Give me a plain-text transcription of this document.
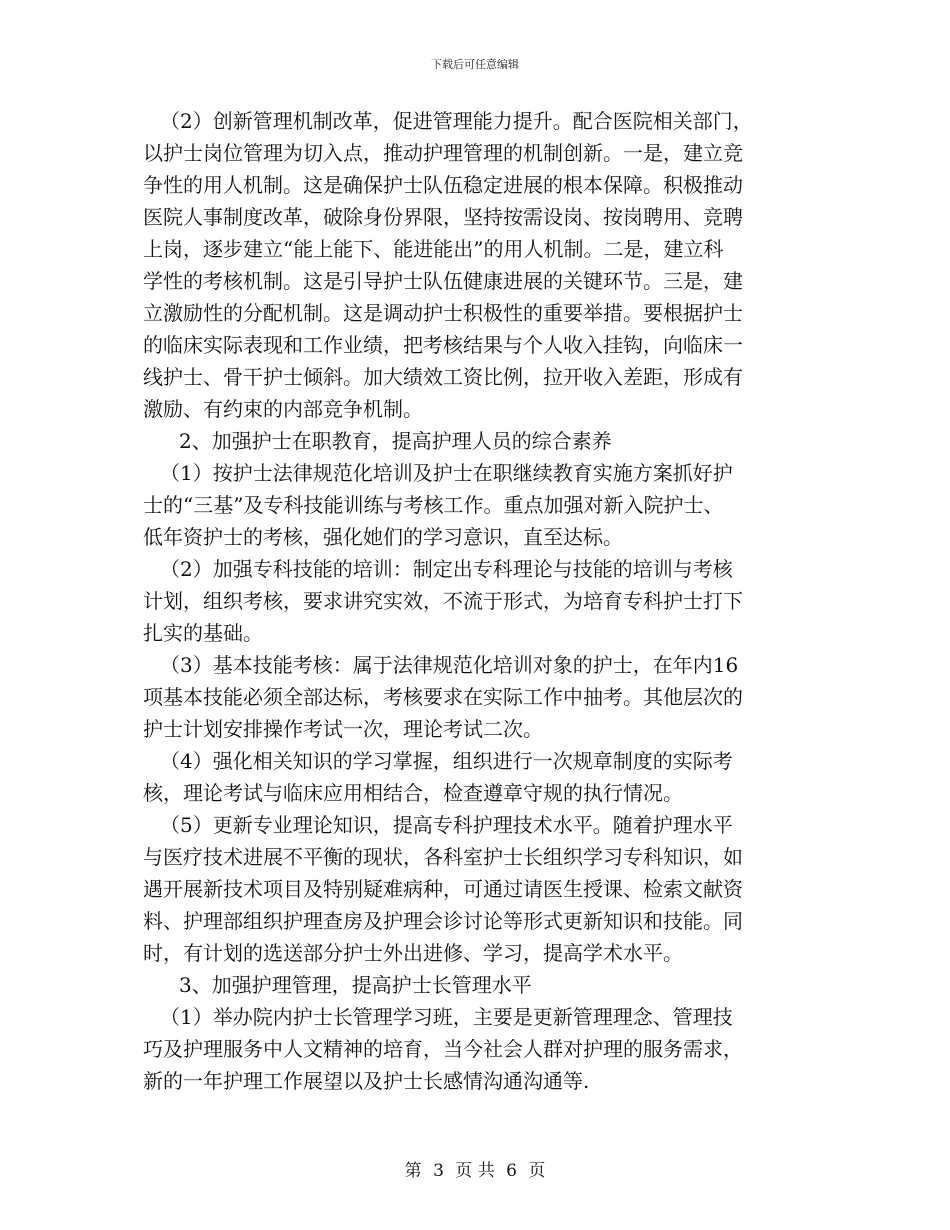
下载后可任意编辑
（2）创新管理机制改革，促进管理能力提升。配合医院相关部门，
以护士岗位管理为切入点，推动护理管理的机制创新。一是，建立竞
争性的用人机制。这是确保护士队伍稳定进展的根本保障。积极推动
医院人事制度改革，破除身份界限，坚持按需设岗、按岗聘用、竞聘
上岗，逐步建立“能上能下、能进能出”的用人机制。二是，建立科
学性的考核机制。这是引导护士队伍健康进展的关键环节。三是，建
立激励性的分配机制。这是调动护士积极性的重要举措。要根据护士
的临床实际表现和工作业绩，把考核结果与个人收入挂钩，向临床一
线护士、骨干护士倾斜。加大绩效工资比例，拉开收入差距，形成有
激励、有约束的内部竞争机制。
2、加强护士在职教育，提高护理人员的综合素养
（1）按护士法律规范化培训及护士在职继续教育实施方案抓好护
士的“三基”及专科技能训练与考核工作。重点加强对新入院护士、
低年资护士的考核，强化她们的学习意识，直至达标。
（2）加强专科技能的培训：制定出专科理论与技能的培训与考核
计划，组织考核，要求讲究实效，不流于形式，为培育专科护士打下
扎实的基础。
（3）基本技能考核：属于法律规范化培训对象的护士，在年内16
项基本技能必须全部达标，考核要求在实际工作中抽考。其他层次的
护士计划安排操作考试一次，理论考试二次。
（4）强化相关知识的学习掌握，组织进行一次规章制度的实际考
核，理论考试与临床应用相结合，检查遵章守规的执行情况。
（5）更新专业理论知识，提高专科护理技术水平。随着护理水平
与医疗技术进展不平衡的现状，各科室护士长组织学习专科知识，如
遇开展新技术项目及特别疑难病种，可通过请医生授课、检索文献资
料、护理部组织护理查房及护理会诊讨论等形式更新知识和技能。同
时，有计划的选送部分护士外出进修、学习，提高学术水平。
3、加强护理管理，提高护士长管理水平
（1）举办院内护士长管理学习班，主要是更新管理理念、管理技
巧及护理服务中人文精神的培育，当今社会人群对护理的服务需求，
新的一年护理工作展望以及护士长感情沟通沟通等.
第 3 页 共 6 页
